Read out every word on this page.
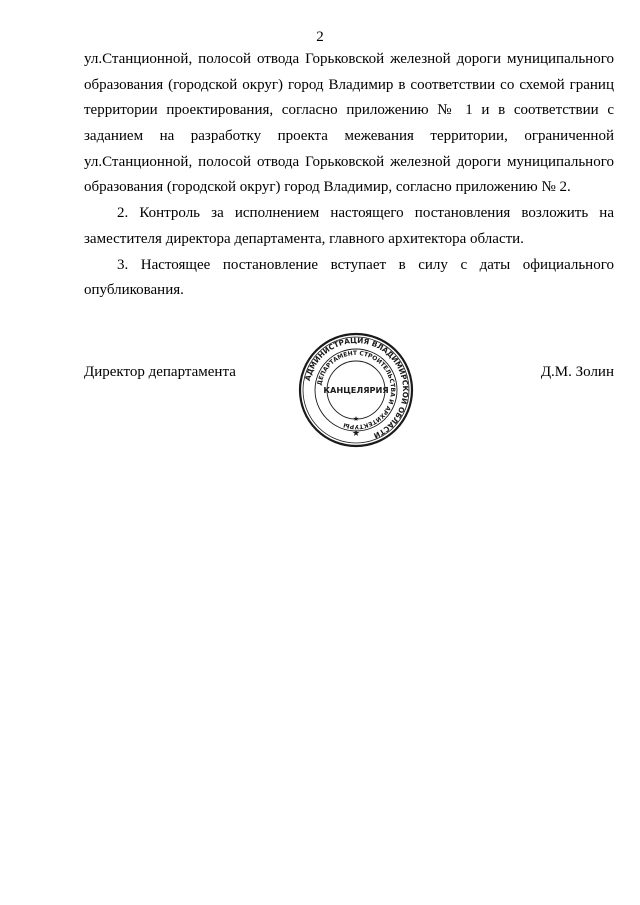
2
ул.Станционной, полосой отвода Горьковской железной дороги муниципального
образования (городской округ) город Владимир в соответствии со схемой границ
территории проектирования, согласно приложению № 1 и в соответствии с
заданием на разработку проекта межевания территории, ограниченной
ул.Станционной, полосой отвода Горьковской железной дороги муниципального
образования (городской округ) город Владимир, согласно приложению № 2.
2. Контроль за исполнением настоящего постановления возложить на
заместителя директора департамента, главного архитектора области.
3. Настоящее постановление вступает в силу с даты официального
опубликования.
Директор департамента	Д.М. Золин
АДМИНИСТРАЦИЯ ВЛАДИМИРСКОЙ ОБЛАСТИ
ДЕПАРТАМЕНТ СТРОИТЕЛЬСТВА И АРХИТЕКТУРЫ
КАНЦЕЛЯРИЯ
★
★
